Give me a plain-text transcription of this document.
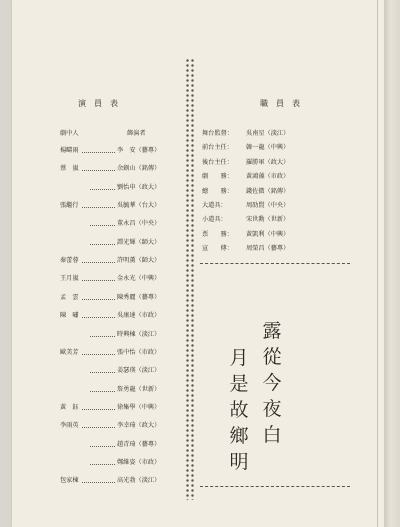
演員表	職員表
劇中人	飾演者
楊疇雨	李　安（藝專）
蔡　嵐	余劍山（銘傳）
劉怡申（政大）
張繼行	吳毓華（台大）
董永昌（中央）
譚光輝（師大）
秦蕾蓉	許明薰（師大）
王月嵐	金永光（中興）
孟　雲	陳秀麗（藝專）
陳　嘯	吳康達（市政）
時興棟（淡江）
歐美芳	張中怡（市政）
姜瑟瑛（淡江）
詹勇龍（世新）
黃　鈺	徐集學（中興）
李雨英	李幸琦（政大）
趙青琦（藝專）
鄭維姿（市政）
包家棟	高光勃（淡江）
舞台監督： 吳南星（淡江）
前台主任： 韓一龍（中興）
後台主任： 羅勝軍（政大）
劇　　務： 黃鴻藻（市政）
總　　務： 錢佐微（銘傳）
大道具：	周劭賢（中央）
小道具：	宋世勳（世新）
票　　務： 黃凱利（中興）
宣　　傳： 周榮昌（藝專）
露
從
今
夜
白
月
是
故
鄉
明
